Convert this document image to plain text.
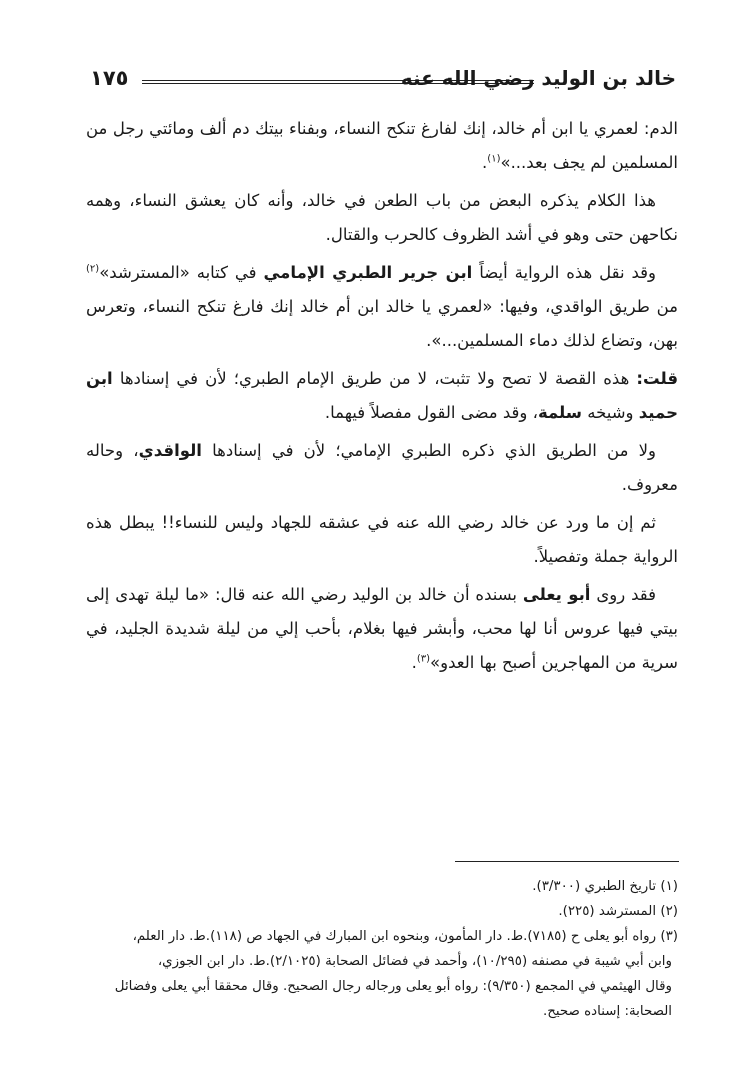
١٧٥	خالد بن الوليد رضي الله عنه

الدم: لعمري يا ابن أم خالد، إنك لفارغ تنكح النساء، وبفناء بيتك دم ألف ومائتي رجل من المسلمين لم يجف بعد...»$^{(١)}$.

هذا الكلام يذكره البعض من باب الطعن في خالد، وأنه كان يعشق النساء، وهمه نكاحهن حتى وهو في أشد الظروف كالحرب والقتال.

وقد نقل هذه الرواية أيضاً ابن جرير الطبري الإمامي في كتابه «المسترشد»$^{(٢)}$ من طريق الواقدي، وفيها: «لعمري يا خالد ابن أم خالد إنك فارغ تنكح النساء، وتعرس بهن، وتضاع لذلك دماء المسلمين...».

قلت: هذه القصة لا تصح ولا تثبت، لا من طريق الإمام الطبري؛ لأن في إسنادها ابن حميد وشيخه سلمة، وقد مضى القول مفصلاً فيهما.

ولا من الطريق الذي ذكره الطبري الإمامي؛ لأن في إسنادها الواقدي، وحاله معروف.

ثم إن ما ورد عن خالد رضي الله عنه في عشقه للجهاد وليس للنساء!! يبطل هذه الرواية جملة وتفصيلاً.

فقد روى أبو يعلى بسنده أن خالد بن الوليد رضي الله عنه قال: «ما ليلة تهدى إلى بيتي فيها عروس أنا لها محب، وأبشر فيها بغلام، بأحب إلي من ليلة شديدة الجليد، في سرية من المهاجرين أصبح بها العدو»$^{(٣)}$.

(١) تاريخ الطبري (٣/٣٠٠).
(٢) المسترشد (٢٢٥).
(٣) رواه أبو يعلى ح (٧١٨٥).ط. دار المأمون، وبنحوه ابن المبارك في الجهاد ص (١١٨).ط. دار العلم،
وابن أبي شيبة في مصنفه (١٠/٢٩٥)، وأحمد في فضائل الصحابة (٢/١٠٢٥).ط. دار ابن الجوزي،
وقال الهيثمي في المجمع (٩/٣٥٠): رواه أبو يعلى ورجاله رجال الصحيح. وقال محققا أبي يعلى وفضائل
الصحابة: إسناده صحيح.
